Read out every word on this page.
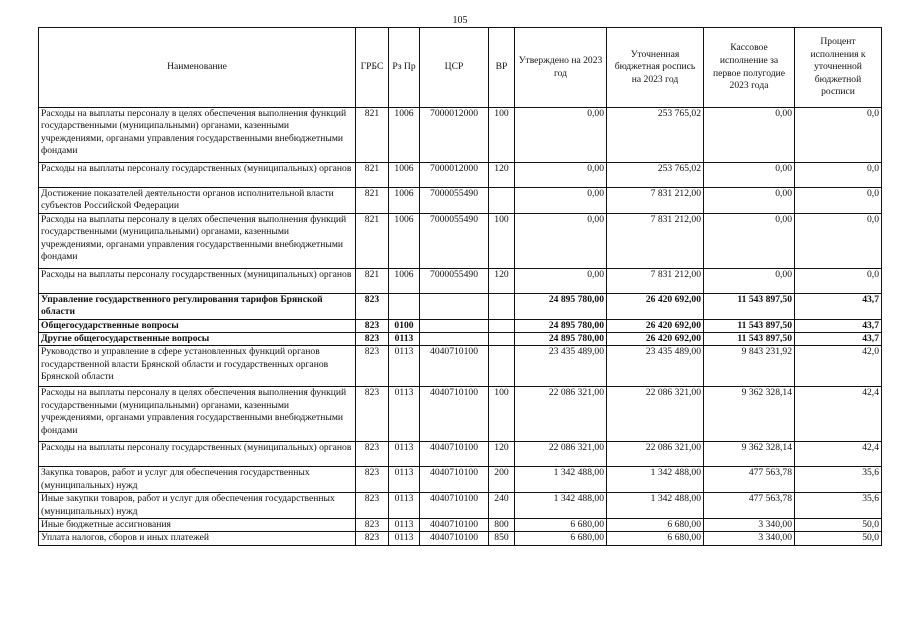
105
Наименование	ГРБС	Рз Пр	ЦСР	ВР	Утверждено на 2023 год	Уточненная бюджетная роспись на 2023 год	Кассовое исполнение за первое полугодие 2023 года	Процент исполнения к уточненной бюджетной росписи
Расходы на выплаты персоналу в целях обеспечения выполнения функций государственными (муниципальными) органами, казенными учреждениями, органами управления государственными внебюджетными фондами	821	1006	7000012000	100	0,00	253 765,02	0,00	0,0
Расходы на выплаты персоналу государственных (муниципальных) органов	821	1006	7000012000	120	0,00	253 765,02	0,00	0,0
Достижение показателей деятельности органов исполнительной власти субъектов Российской Федерации	821	1006	7000055490		0,00	7 831 212,00	0,00	0,0
Расходы на выплаты персоналу в целях обеспечения выполнения функций государственными (муниципальными) органами, казенными учреждениями, органами управления государственными внебюджетными фондами	821	1006	7000055490	100	0,00	7 831 212,00	0,00	0,0
Расходы на выплаты персоналу государственных (муниципальных) органов	821	1006	7000055490	120	0,00	7 831 212,00	0,00	0,0
Управление государственного регулирования тарифов Брянской области	823				24 895 780,00	26 420 692,00	11 543 897,50	43,7
Общегосударственные вопросы	823	0100			24 895 780,00	26 420 692,00	11 543 897,50	43,7
Другие общегосударственные вопросы	823	0113			24 895 780,00	26 420 692,00	11 543 897,50	43,7
Руководство и управление в сфере установленных функций органов государственной власти Брянской области и государственных органов Брянской области	823	0113	4040710100		23 435 489,00	23 435 489,00	9 843 231,92	42,0
Расходы на выплаты персоналу в целях обеспечения выполнения функций государственными (муниципальными) органами, казенными учреждениями, органами управления государственными внебюджетными фондами	823	0113	4040710100	100	22 086 321,00	22 086 321,00	9 362 328,14	42,4
Расходы на выплаты персоналу государственных (муниципальных) органов	823	0113	4040710100	120	22 086 321,00	22 086 321,00	9 362 328,14	42,4
Закупка товаров, работ и услуг для обеспечения государственных (муниципальных) нужд	823	0113	4040710100	200	1 342 488,00	1 342 488,00	477 563,78	35,6
Иные закупки товаров, работ и услуг для обеспечения государственных (муниципальных) нужд	823	0113	4040710100	240	1 342 488,00	1 342 488,00	477 563,78	35,6
Иные бюджетные ассигнования	823	0113	4040710100	800	6 680,00	6 680,00	3 340,00	50,0
Уплата налогов, сборов и иных платежей	823	0113	4040710100	850	6 680,00	6 680,00	3 340,00	50,0
